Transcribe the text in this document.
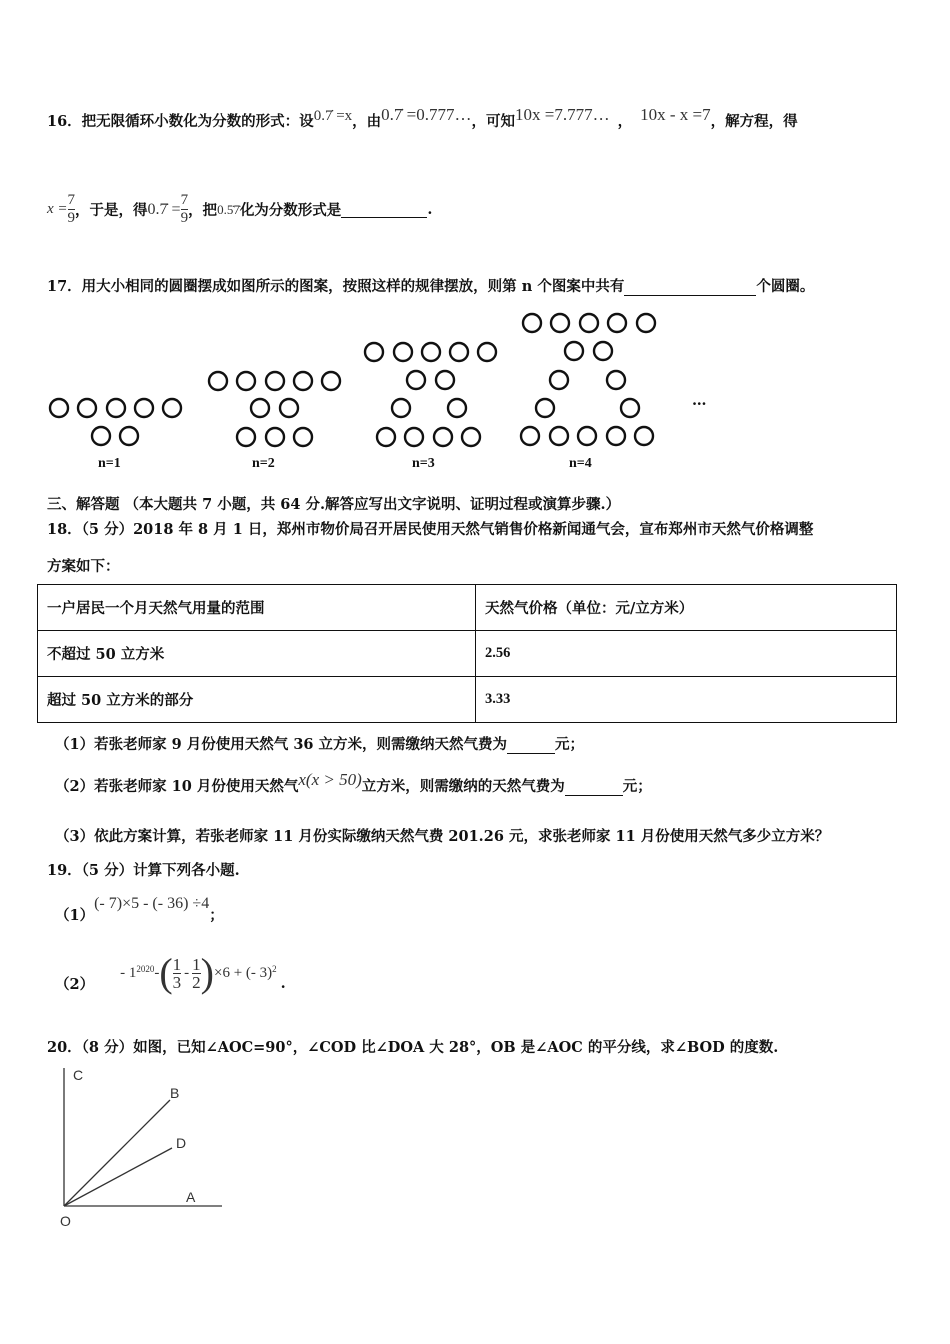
16．把无限循环小数化为分数的形式：设0.7̇ =x，由0.7̇ =0.777…，可知10x =7.777… ， 10x - x =7，解方程，得
$x = \frac{7}{9}$ ，于是，得 0.7̇ = $\frac{7}{9}$ ，把 0.5̇7̇ 化为分数形式是	.
17．用大小相同的圆圈摆成如图所示的图案，按照这样的规律摆放，则第 n 个图案中共有	个圆圈。
n=1	n=2	n=3	n=4
…
三、解答题 （本大题共 7 小题，共 64 分.解答应写出文字说明、证明过程或演算步骤.）
18．（5 分）2018 年 8 月 1 日，郑州市物价局召开居民使用天然气销售价格新闻通气会，宣布郑州市天然气价格调整
方案如下：
一户居民一个月天然气用量的范围	天然气价格（单位：元/立方米）
不超过 50 立方米	2.56
超过 50 立方米的部分	3.33
（1）若张老师家 9 月份使用天然气 36 立方米，则需缴纳天然气费为	元；
（2）若张老师家 10 月份使用天然气x(x > 50)立方米，则需缴纳的天然气费为	元；
（3）依此方案计算，若张老师家 11 月份实际缴纳天然气费 201.26 元，求张老师家 11 月份使用天然气多少立方米？
19．（5 分）计算下列各小题.
（1）(- 7)×5 - (- 36) ÷4；
（2）
- $1^{2020}$ - ( $\frac{1}{3} - \frac{1}{2}$ ) ×6 + (- 3)$^2$
.
20．（8 分）如图，已知∠AOC=90°，∠COD 比∠DOA 大 28°，OB 是∠AOC 的平分线，求∠BOD 的度数.
C
B
D
A
O
